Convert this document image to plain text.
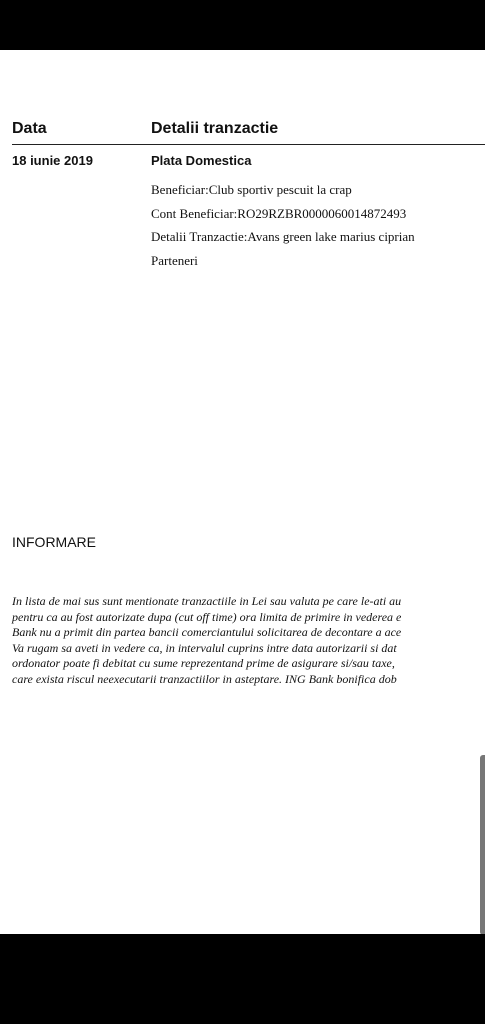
Data	Detalii tranzactie
18 iunie 2019	Plata Domestica
Beneficiar:Club sportiv pescuit la crap
Cont Beneficiar:RO29RZBR0000060014872493
Detalii Tranzactie:Avans green lake marius ciprian
Parteneri
INFORMARE
In lista de mai sus sunt mentionate tranzactiile in Lei sau valuta pe care le-ati au
pentru ca au fost autorizate dupa (cut off time) ora limita de primire in vederea e
Bank nu a primit din partea bancii comerciantului solicitarea de decontare a ace
Va rugam sa aveti in vedere ca, in intervalul cuprins intre data autorizarii si dat
ordonator poate fi debitat cu sume reprezentand prime de asigurare si/sau taxe,
care exista riscul neexecutarii tranzactiilor in asteptare. ING Bank bonifica dob
